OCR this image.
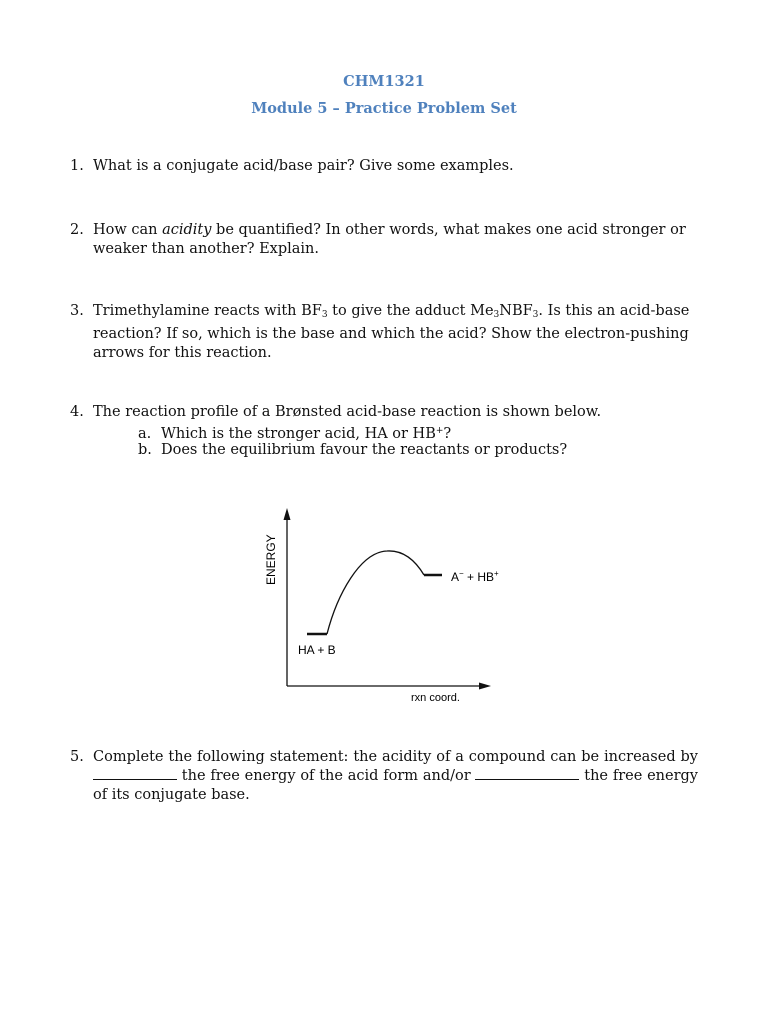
CHM1321
Module 5 – Practice Problem Set
1. What is a conjugate acid/base pair? Give some examples.
2. How can acidity be quantified? In other words, what makes one acid stronger or weaker than another? Explain.
3. Trimethylamine reacts with $BF_3$ to give the adduct $Me_3NBF_3$. Is this an acid-base reaction? If so, which is the base and which the acid? Show the electron-pushing arrows for this reaction.
4. The reaction profile of a Brønsted acid-base reaction is shown below.
a. Which is the stronger acid, HA or HB+?
b. Does the equilibrium favour the reactants or products?
ENERGY
rxn coord.
HA + B
A− + HB+
5. Complete the following statement: the acidity of a compound can be increased by  the free energy of the acid form and/or	the free energy of its conjugate base.
